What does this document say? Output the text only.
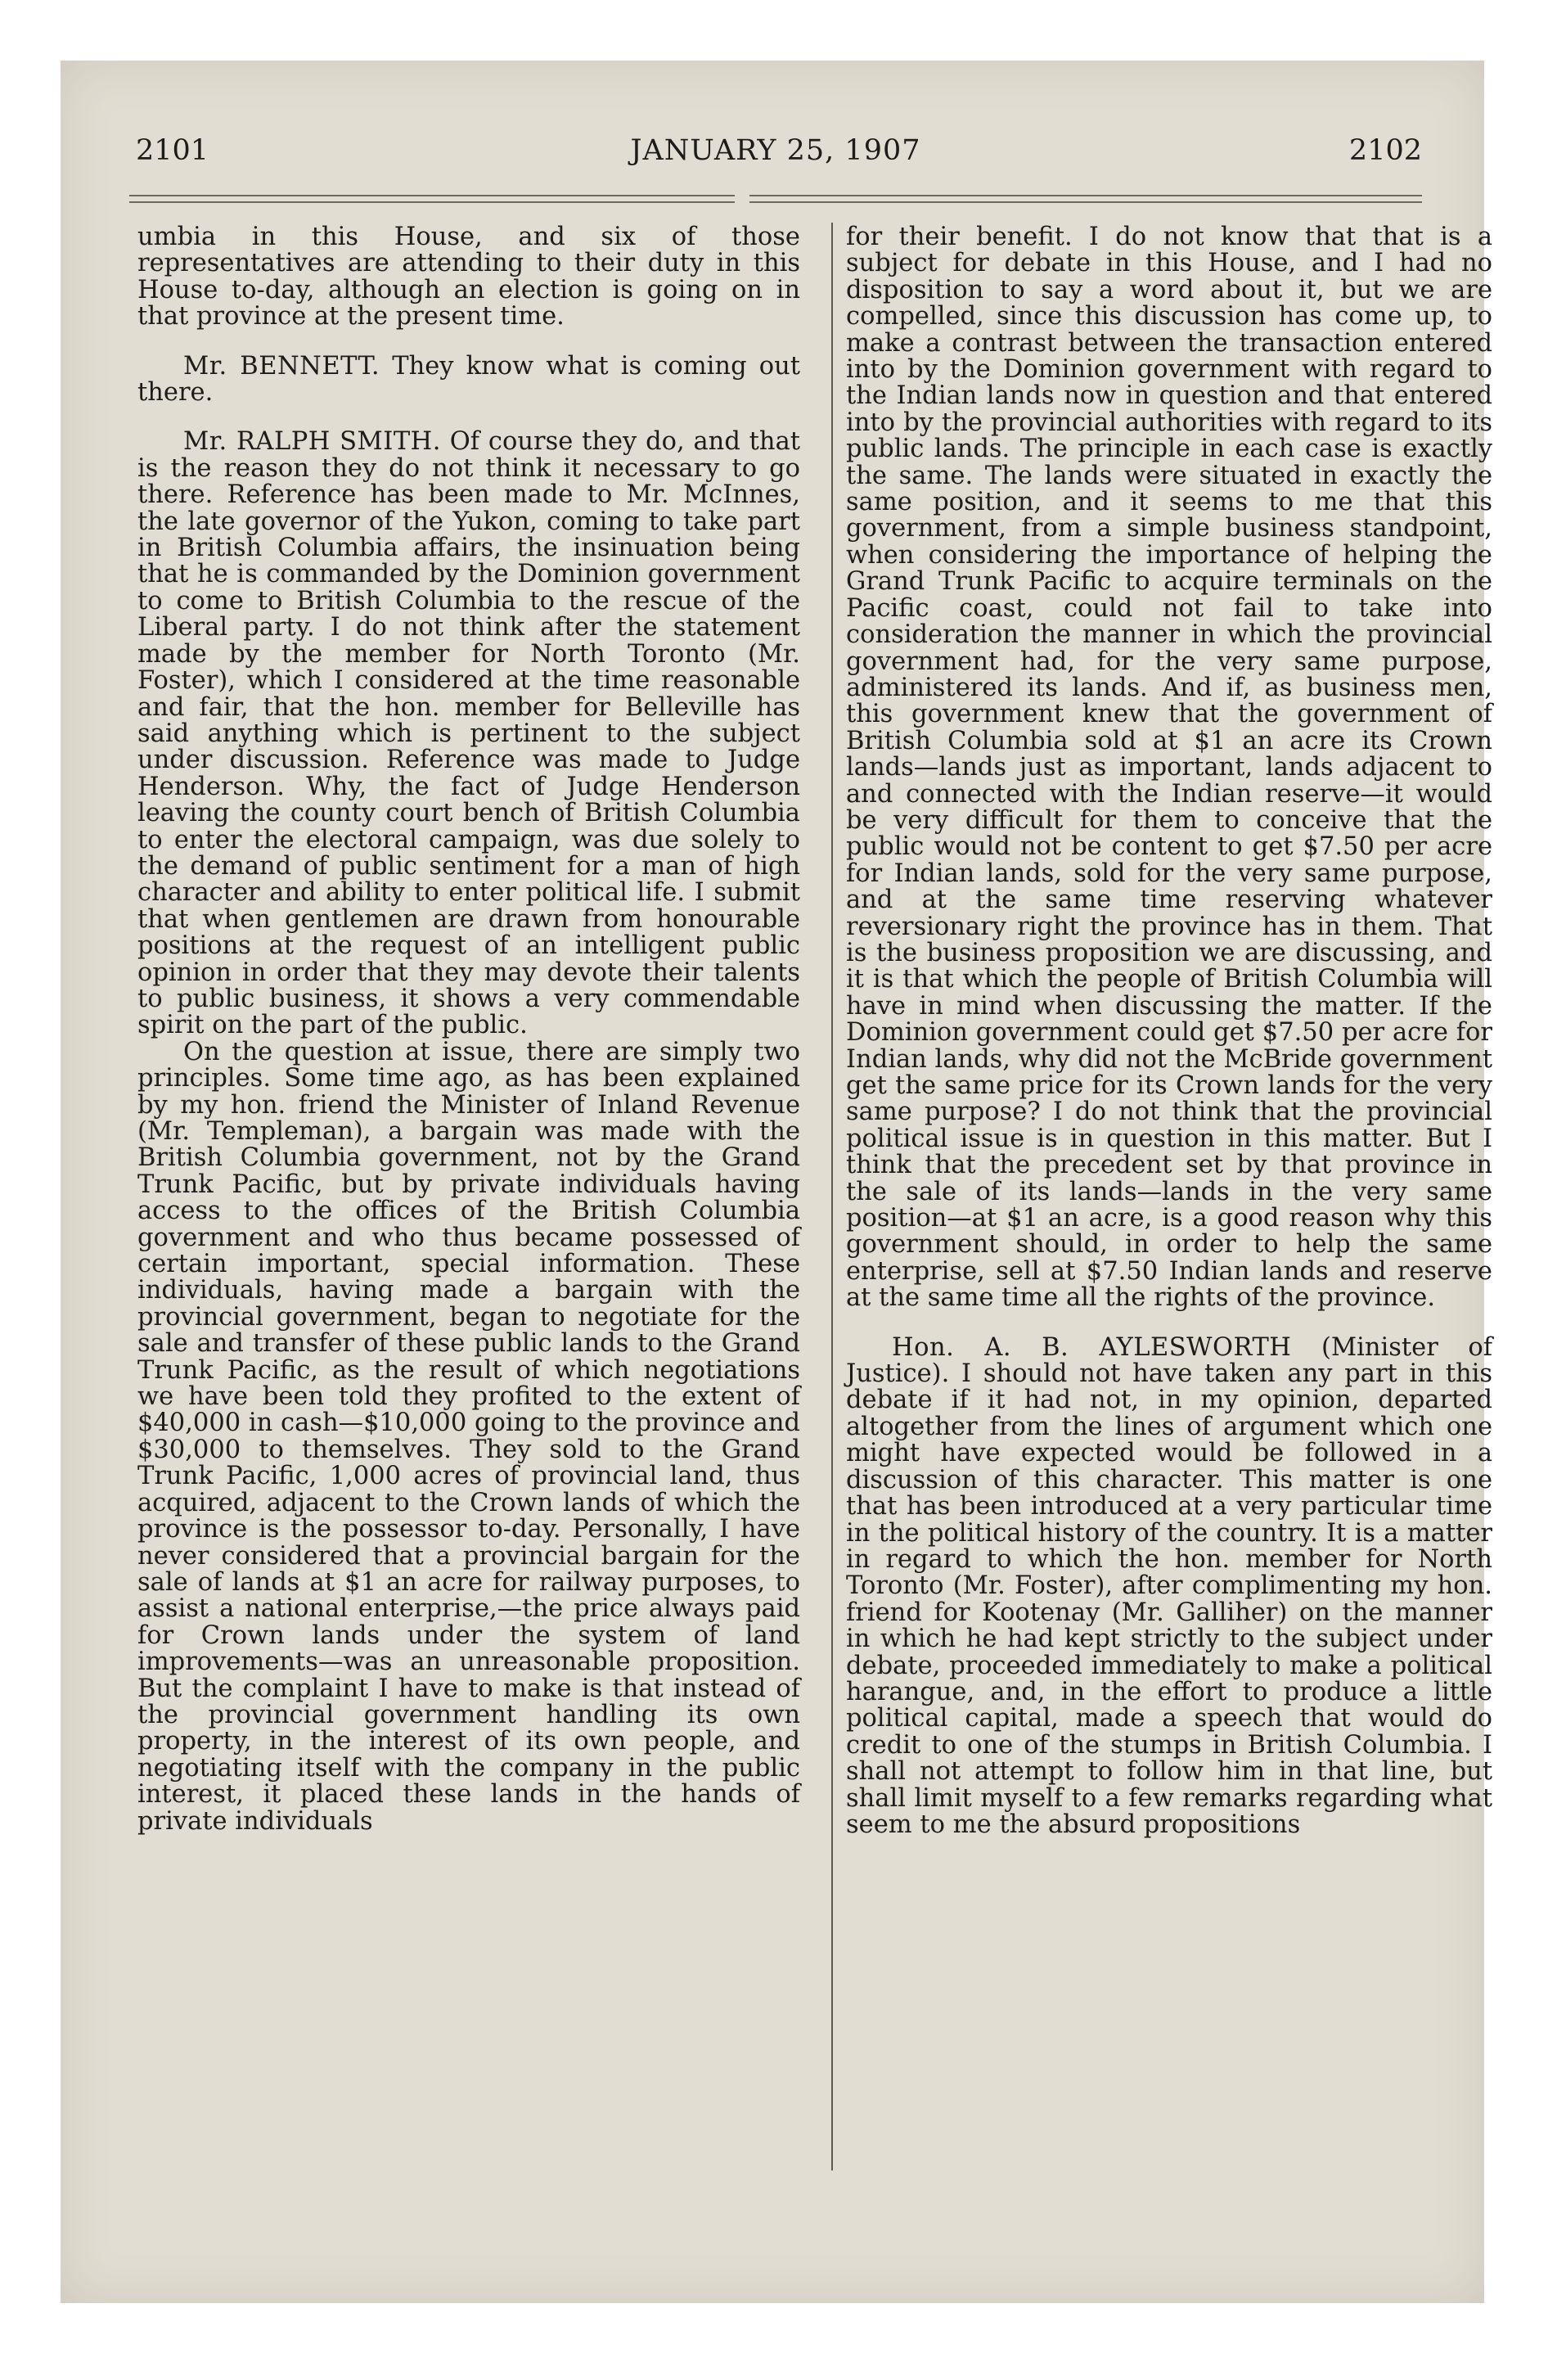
2101	JANUARY 25, 1907	2102

umbia in this House, and six of those representatives are attending to their duty in this House to-day, although an election is going on in that province at the present time.

Mr. BENNETT. They know what is coming out there.

Mr. RALPH SMITH. Of course they do, and that is the reason they do not think it necessary to go there. Reference has been made to Mr. McInnes, the late governor of the Yukon, coming to take part in British Columbia affairs, the insinuation being that he is commanded by the Dominion government to come to British Columbia to the rescue of the Liberal party. I do not think after the statement made by the member for North Toronto (Mr. Foster), which I considered at the time reasonable and fair, that the hon. member for Belleville has said anything which is pertinent to the subject under discussion. Reference was made to Judge Henderson. Why, the fact of Judge Henderson leaving the county court bench of British Columbia to enter the electoral campaign, was due solely to the demand of public sentiment for a man of high character and ability to enter political life. I submit that when gentlemen are drawn from honourable positions at the request of an intelligent public opinion in order that they may devote their talents to public business, it shows a very commendable spirit on the part of the public.

On the question at issue, there are simply two principles. Some time ago, as has been explained by my hon. friend the Minister of Inland Revenue (Mr. Templeman), a bargain was made with the British Columbia government, not by the Grand Trunk Pacific, but by private individuals having access to the offices of the British Columbia government and who thus became possessed of certain important, special information. These individuals, having made a bargain with the provincial government, began to negotiate for the sale and transfer of these public lands to the Grand Trunk Pacific, as the result of which negotiations we have been told they profited to the extent of $40,000 in cash—$10,000 going to the province and $30,000 to themselves. They sold to the Grand Trunk Pacific, 1,000 acres of provincial land, thus acquired, adjacent to the Crown lands of which the province is the possessor to-day. Personally, I have never considered that a provincial bargain for the sale of lands at $1 an acre for railway purposes, to assist a national enterprise,—the price always paid for Crown lands under the system of land improvements—was an unreasonable proposition. But the complaint I have to make is that instead of the provincial government handling its own property, in the interest of its own people, and negotiating itself with the company in the public interest, it placed these lands in the hands of private individuals

for their benefit. I do not know that that is a subject for debate in this House, and I had no disposition to say a word about it, but we are compelled, since this discussion has come up, to make a contrast between the transaction entered into by the Dominion government with regard to the Indian lands now in question and that entered into by the provincial authorities with regard to its public lands. The principle in each case is exactly the same. The lands were situated in exactly the same position, and it seems to me that this government, from a simple business standpoint, when considering the importance of helping the Grand Trunk Pacific to acquire terminals on the Pacific coast, could not fail to take into consideration the manner in which the provincial government had, for the very same purpose, administered its lands. And if, as business men, this government knew that the government of British Columbia sold at $1 an acre its Crown lands—lands just as important, lands adjacent to and connected with the Indian reserve—it would be very difficult for them to conceive that the public would not be content to get $7.50 per acre for Indian lands, sold for the very same purpose, and at the same time reserving whatever reversionary right the province has in them. That is the business proposition we are discussing, and it is that which the people of British Columbia will have in mind when discussing the matter. If the Dominion government could get $7.50 per acre for Indian lands, why did not the McBride government get the same price for its Crown lands for the very same purpose? I do not think that the provincial political issue is in question in this matter. But I think that the precedent set by that province in the sale of its lands—lands in the very same position—at $1 an acre, is a good reason why this government should, in order to help the same enterprise, sell at $7.50 Indian lands and reserve at the same time all the rights of the province.

Hon. A. B. AYLESWORTH (Minister of Justice). I should not have taken any part in this debate if it had not, in my opinion, departed altogether from the lines of argument which one might have expected would be followed in a discussion of this character. This matter is one that has been introduced at a very particular time in the political history of the country. It is a matter in regard to which the hon. member for North Toronto (Mr. Foster), after complimenting my hon. friend for Kootenay (Mr. Galliher) on the manner in which he had kept strictly to the subject under debate, proceeded immediately to make a political harangue, and, in the effort to produce a little political capital, made a speech that would do credit to one of the stumps in British Columbia. I shall not attempt to follow him in that line, but shall limit myself to a few remarks regarding what seem to me the absurd propositions
